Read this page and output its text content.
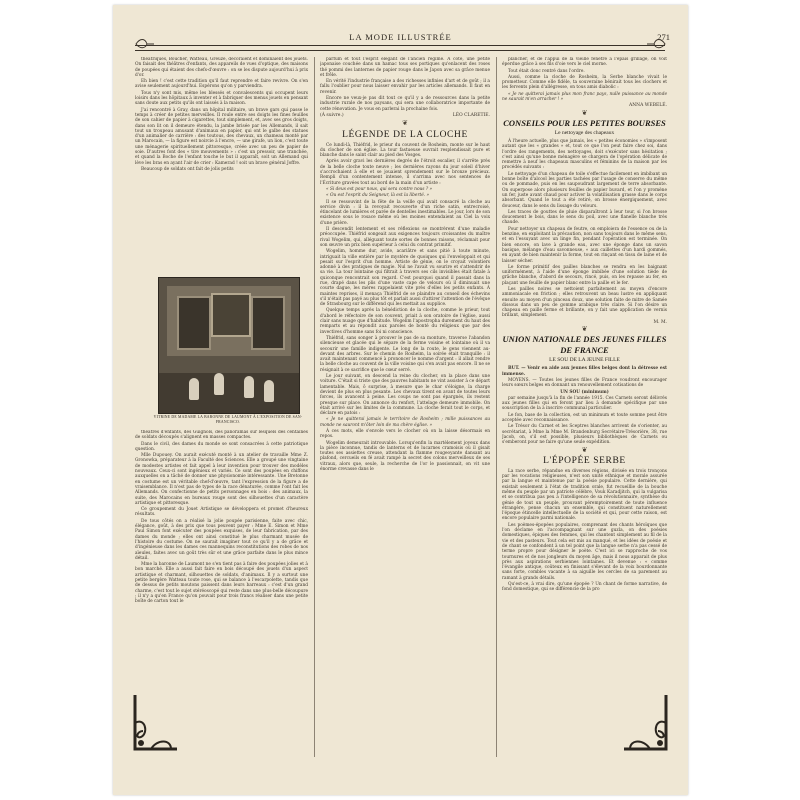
LA MODE ILLUSTRÉE	271

théâtriques, Boucher, Watteau, Greuze, décoraient et dominaient des jouets. On faisait des théâtres d'enfants, des appareils de vues d'optique, des maisons de poupées qui étaient des chefs-d'œuvre : on se les dispute aujourd'hui à prix d'or.

Eh bien ! c'est cette tradition qu'il faut reprendre et faire revivre. On s'en avise seulement aujourd'hui. Espérons qu'on y parviendra.

Tous n'y sont mis, même les blessés et convalescents qui occupent leurs loisirs dans les hôpitaux à inventer et à fabriquer des menus jouets en pensant sans doute aux petits qu'ils ont laissés à la maison.

J'ai rencontré à Gray, dans un hôpital militaire, un brave gars qui passe le temps à créer de petites merveilles. Il roule entre ses doigts les fines feuilles de son cahier de papier à cigarettes, tout simplement, et, avec ses gros doigts, dans son lit on il demeure étendu, la jambe brisée par les Allemands, il sait tout un troupeau amusant d'animaux en papier, qui ont le galbe des statues d'un animalier de carrière : des toutous, des chevaux, un chameau monté par un Marocain, — la figure est noircie à l'encre, — une girafe, un lion, c'est toute une ménagerie spirituellement pittoresque, créée avec un peu de papier de soie. D'autres font des « tire mouvements » : c'est un pressoir, une tranchée, et quand la Boche de l'enfant touche le but il apparaît, soit un Allemand qui lève les bras en ayant l'air de crier : Kamerad ! soit un brave général Joffre.

Beaucoup de soldats ont fait de jolis petits

VITRINE DE MADAME LA BARONNE DE LAUMONT À L'EXPOSITION DE SAN-FRANCISCO.

théâtres d'enfants, des Guignols, des panoramas sur lesquels des centaines de soldats découpés s'alignent en masses compactes.

Dans le civil, des dames du monde se sont consacrées à cette patriotique question.

Mlle Dupouey. On aurait exécuté monté à un atelier de travaille Mme Z. Gronowka, préparateur à la Faculté des Sciences. Elle a groupé une vingtaine de modestes artistes et fait appel à leur invention pour trouver des modèles nouveaux. Ceux-ci sont ingénieux et variés. Ce sont des poupées en chiffons auxquelles on a tâché de donner une physionomie intéressante. Une Bretonne en costume est un véritable chef-d'œuvre, tant l'expression de la figure a de vraisemblance. Il n'est pas de types de la race dénaturée, comme l'ont fait les Allemands. On confectionne de petits personnages en bois : des animaux, la suite, des Marocains en bureaux rouge sont des silhouettes d'un caractère artistique et pittoresque.

Ce groupement du Jouet Artistique se développera et promet d'heureux résultats.

De tous côtés on a réalisé la jolie poupée parisienne, faite avec chic, élégance, goût, à des prix que tous peuvent payer : Mme E. Simon et Mme Paul Simon font exécuter des poupées exquises, de leur fabrication, par des dames du monde ; elles ont ainsi constitué le plus charmant musée de l'histoire du costume. On ne saurait imaginer tout ce qu'il y a de grâce et d'ingénieuse dans les dames ces mannequins reconstitutions des robes de nos aïeules, faites avec un goût très sûr et une grâce parfaite dans le plus mince détail.

Mme la baronne de Laumont ne s'en tient pas à faire des poupées jolies et à bon marché. Elle a aussi fait faire en bois découpé des jouets d'un aspect artistique et charmant, silhouettes de soldats, d'animaux. Il y a surtout une petite bergère Watteau toute rose, qui se balance à l'escarpolette, tandis que de dessus de petits moutons paissent dans leurs barreaux : c'est d'un grand charme, c'est tout le sujet stéréoscopé qui reste dans une plus-belle découpure ; il n'y a qu'en France qu'on pouvait pour trois francs réaliser dans une petite boîte de carton tout le

parfum et tout l'esprit élégant de l'ancien régime. À côté, une petite japonaise couchée dans un hamac tous ses portiques qu'enlacent des roses thé pommi des lanternes de papier rouge dans le Japon avec sa grâce menue et frêle.

En vérité l'industrie française a des richesses infinies d'art et de goût ; il a fallu l'oublier pour nous laisser envahir par les articles allemands. Il faut en revenir.

Encore ne veux-je pas dit tout ce qu'il y a de ressources dans la petite industrie rurale de nos paysans, qui sera une collaboratrice importante de cette rénovation. Je vous en parlerai la prochaine fois.

(À suivre.)	LÉO CLARETIE.
❦
LÉGENDE DE LA CLOCHE

Ce lundi-là, Thiéfrid, le prieur du couvent de Rosheim, monte sur le haut du clocher de son église. La tour fastueuse ouvrait resplendissait pure et blanche dans le saint clair au pied des Vosges.

Après avoir gravi les dernières degrés de l'étroit escalier, il s'arrête près de la belle cloche toute neuve ; les dernières rayons du jour soleil d'hiver s'accrochaient à elle et se jouaient sprendement sur le bronze précieux. Rempli d'un contentement intense, il s'arrima avec nos sentences de l'Écriture gravées tout au bord de la main d'un artiste :

« Si deus est pour nous, qui sera contre nous ? »

« Ou est l'esprit du Seigneur, là est la liberté. »

Il se ressouvint de la fête de la veille qui avait consacré la cloche au service divin : il la revoyait recouverte d'un riche satin, entrecroisé, étincelant de lumières et parée de dentelles inestimables. Le jour, lors de son existence sous le rosace même où les moines entendaient au Ciel la voix d'une prière.

Il descendit lentement et ses réflexions se montrèrent d'une maladie préoccupée. Thiéfrid songeait aux exigences toujours croissantes du maître rival Wogelim, qui, alléguant toute sortes de bonnes raisons, réclamait pour son œuvre un prix bien supérieur à celui du contrat primitif.

Wogelim, homme dur, avide, acariâtre et sans pitié à toute minute, intriguait la ville entière par le mystère de quoiques qui l'enveloppait et qui pesait sur l'esprit d'un homme. Artiste de génie, on le croyait volontiers adonné à des pratiques de magie. Nul ne l'avait vu sourire et s'attendrir de sa vie. La tour lointaine qui filtrait à travers ses cils invisibles était fatale à quiconque rencontrait son regard. C'est pourquoi quand il passait dans la rue, drapé dans les plis d'une vaste cape de velours où il diminuait une courte dague, les mères rappelaient vite près d'elles les petits enfants. À maintes reprises, il menaça Thiéfrid de se plaindre au conseil des échevins s'il n'était pas payé au plus tôt et parlait aussi d'attirer l'attention de l'évêque de Strasbourg sur le différend qui les mettait au supplice.

Quelque temps après la bénédiction de la cloche, comme le prieur, tout d'abord le réfectoire de son couvent, priait à son oratoire de l'église, aussi clair sans nuage que d'habitude. Wogelim l'apostropha durement du haut des remparts et au répondit aux paroles de bonté du religieux que par des invectives d'homme sans foi ni conscience.

Thiéfrid, sans songer à prouver le pas de sa monture, traverse l'abandon silencieuse et glacée qui le sépare de la ferme voisine et lointaine où il va secourir une famille indigente. Le long de la route, le gens viennent au-devant des arbres. Sur le chemin de Rosheim, la soirée était tranquille : il avait maintenant commencé à prononcer le nomme d'argent : il allait rendre la belle cloche au couvent de la ville voisine qui s'en avait pas encore. Il ne se résignait à ce sacrifice que le cœur serré.

Le jour suivant, on descend la reine du clocher, on la place dans une voiture. C'était si triste que des pauvres habitants ne vint assister à ce départ lamentable. Mais, ô surprise, à mesure que le char s'éloigne, la charge devient de plus en plus pesante. Les chevaux tirent en avant de toutes leurs forces, ils avancent à peine. Les coups ne sont pas épargnés, ils restent presque sur place. On annonce du renfort, l'attelage demeure immobile. On était arrivé sur les limites de la commune. La cloche ferait tout le corps, et déclare en patois :

« Je ne quitterai jamais le territoire de Rosheim ; mille puissances au monde ne sauront m'ôter loin de ma chère église. »

À ces mots, elle s'envole vers le clocher où on la laisse désormais en repos.

Wogelim demeurait introuvable. Lorsqu'enfin la martèlement joyeux dans la pièce inconnue, tandis de lanterns et de lucarnes cramoisis où il gisait toutes ses assiettes creuse, attendant la flamme rougeoyante dansant au plafond, cercueils en fé avait rampé la secret des colons merveilleux de ses vitraux, alors que, seule, la recherche de l'or le passionnait, on vit une énorme crevasse dans le

plancher, et de l'appui de la vieille fenêtre à l'épais grillage, on voit éperdue grâce à ses fils d'oie vers le ciel morne.

Tout était donc rentré dans l'ordre.

Aussi, comme la cloche de Rosheim, la Serbe blanche vivait le prometteur. Comme elle fidèle, ta souveraine bénirait tous les clochers et les fervents plein d'allégresse, on tous amis diabolic :

« Je ne quitterai jamais plus mon franc pays, nulle puissance au monde ne saurait m'en arracher ! »

ANNA WEBELÉ.

❦
CONSEILS POUR LES PETITES BOURSES
Le nettoyage des chapeaux

À l'heure actuelle, plus que jamais, les « petites économies » s'imposent autant que les « grandes » et, tout ce que l'on peut faire chez soi, dans l'ordre des rangements, des nettoyages, doit s'exécuter sans hésitation ; c'est ainsi qu'une bonne ménagère se chargera de l'opération délicate de remettre à neuf les chapeaux masculins et féminins de la maison par les procédés suivants :

Le nettoyage d'un chapeau de toile s'effectue facilement en imbibant un bonne boîte d'alcool les parties tachées par l'usage de conserve du même ou de pommade, puis en les saupoudrant largement de terre absorbante. On superpose alors plusieurs feuilles de papier buvard, et l'on y promène un fer, juste avant chaud pour activer la volatilisation grasse dans le corps absorbant. Quand le tout a été retiré, on brosse énergiquement, avec douceur, dans le sens du lissage du velours.

Les traces de gouttes de pluie disparaîtront à leur tour, si l'on brosse doucement le bois, dans le sens du poil, avec une flanelle blanche très chaude.

Pour nettoyer un chapeau de feutre, on emploiera de l'essence ou de la benzine, en exploitant la précaution, non sans toujours dans le même sens, et en l'essuyant avec un linge fin, pendant l'opération est terminée. On bien encore, on lave à grande eau, avec une éponge dans un savon basique, mélange d'eau savonneuse, « aux caillettes d'un hardi gommés, en ayant de bien maintenir la forme, tout en rinçant en tissu de laine et de laisser sécher.

Le forme primitif des pailles blanches se rendra en les baignant uniformément, à l'aide d'une éponge imbibée d'une solution tiède de grâche blanche, d'abord de secours, rincé, puis, on les repasse au fer, en plaçant une feuille de papier blanc entre la paille et le fer.

Les pailles noires se nettoient parfaitement au moyen d'encore ammoniacale en friction ; elles retrouvent un beau lustre en appliquant ensuite au moyen d'un pinceau doux, une solution faite de mitre de Samée dissous dans un peu de gomme arabique très claire. Si l'on désire un chapeau en paille ferme et brillante, on y fait une application de vernis brillant, simplement.

M. M.

❦
UNION NATIONALE DES JEUNES FILLES DE FRANCE
LE SOU DE LA JEUNE FILLE

BUT. — Venir en aide aux jeunes filles belges dont la détresse est immense.

MOYENS. — Toutes les jeunes filles de France voudront encourager leurs sœurs belges en donnant un renouvellement cotisations de

UN SOU (minimum)

par semaine jusqu'à la fin de l'année 1915. Ces Carnets seront délivrés aux jeunes filles qui en feront par lieu à demande spécifique par une souscription de la à inscrire communal particulier.

Le fon, base de la collection, est un minimum et toute somme peut être acceptée avec reconnaissance.

Le Trésor du Carnet et les Sceptres blanches arrivent de s'orienter, au secrétariat, à Mme la Mme M. Brandenburg Secrétaire-Trésorière, 38, rue Jacob, on, s'il est possible, plusieurs bibliothèques de Carnets ou s'emberont pour ne faire qu'une seule expédition.

❦
L'ÉPOPÉE SERBE

La race serbe, répandue en diverses régions, divisée en trois tronçons par les vocations religieuses, n'est son unité ethnique et morale assurée par la langue et maintenue par la poésie populaire. Cette dernière, qui existait seulement à l'état de tradition orale, fut recueillie de la bouche même du peuple par un patriote célèbre, Vouk Karadjitch, qui la vulgarisa et se contribua pas peu à l'intelligence de sa révolutionnaire, synthèse du génie de tout un peuple, prouvant péremptoirement de toute influence étrangère, pense chacun un ensemble, qui constituent naturellement l'époque étincelle intellectuelle de la société et qui, pour cette raison, est encore populaire parmi nationale.

Les poèmes-épopées populaires, comprenant des chants héroïques que l'on déclame en l'accompagnant sur une guzla, on des poésies domestiques, épiques des femmes, qui les chantent simplement au fil de la vie et des pasteurs. Tout cela est mis au manqué, et les idées de poésie et de chant se confondent à un tel point que la langue serbe n'a pas cessé de terme propre pour désigner le poète. C'est ici se rapproche de vos tournures et de nos jongleurs du moyen âge, mais il nous apparait de plus près aux aspirations serbiennes lointaines. Et devenue : « comme l'évangile antique, coûteux en finissant s'élevant de la voix bourdonnante sans forte, combles vacante à sa aiguille les cercles de sa parement au ramant à grands détails.

Qu'est-ce, à vrai dire, qu'une épopée ? Un chant de forme narrative, de fond domestique, qui se différencie de la pro
